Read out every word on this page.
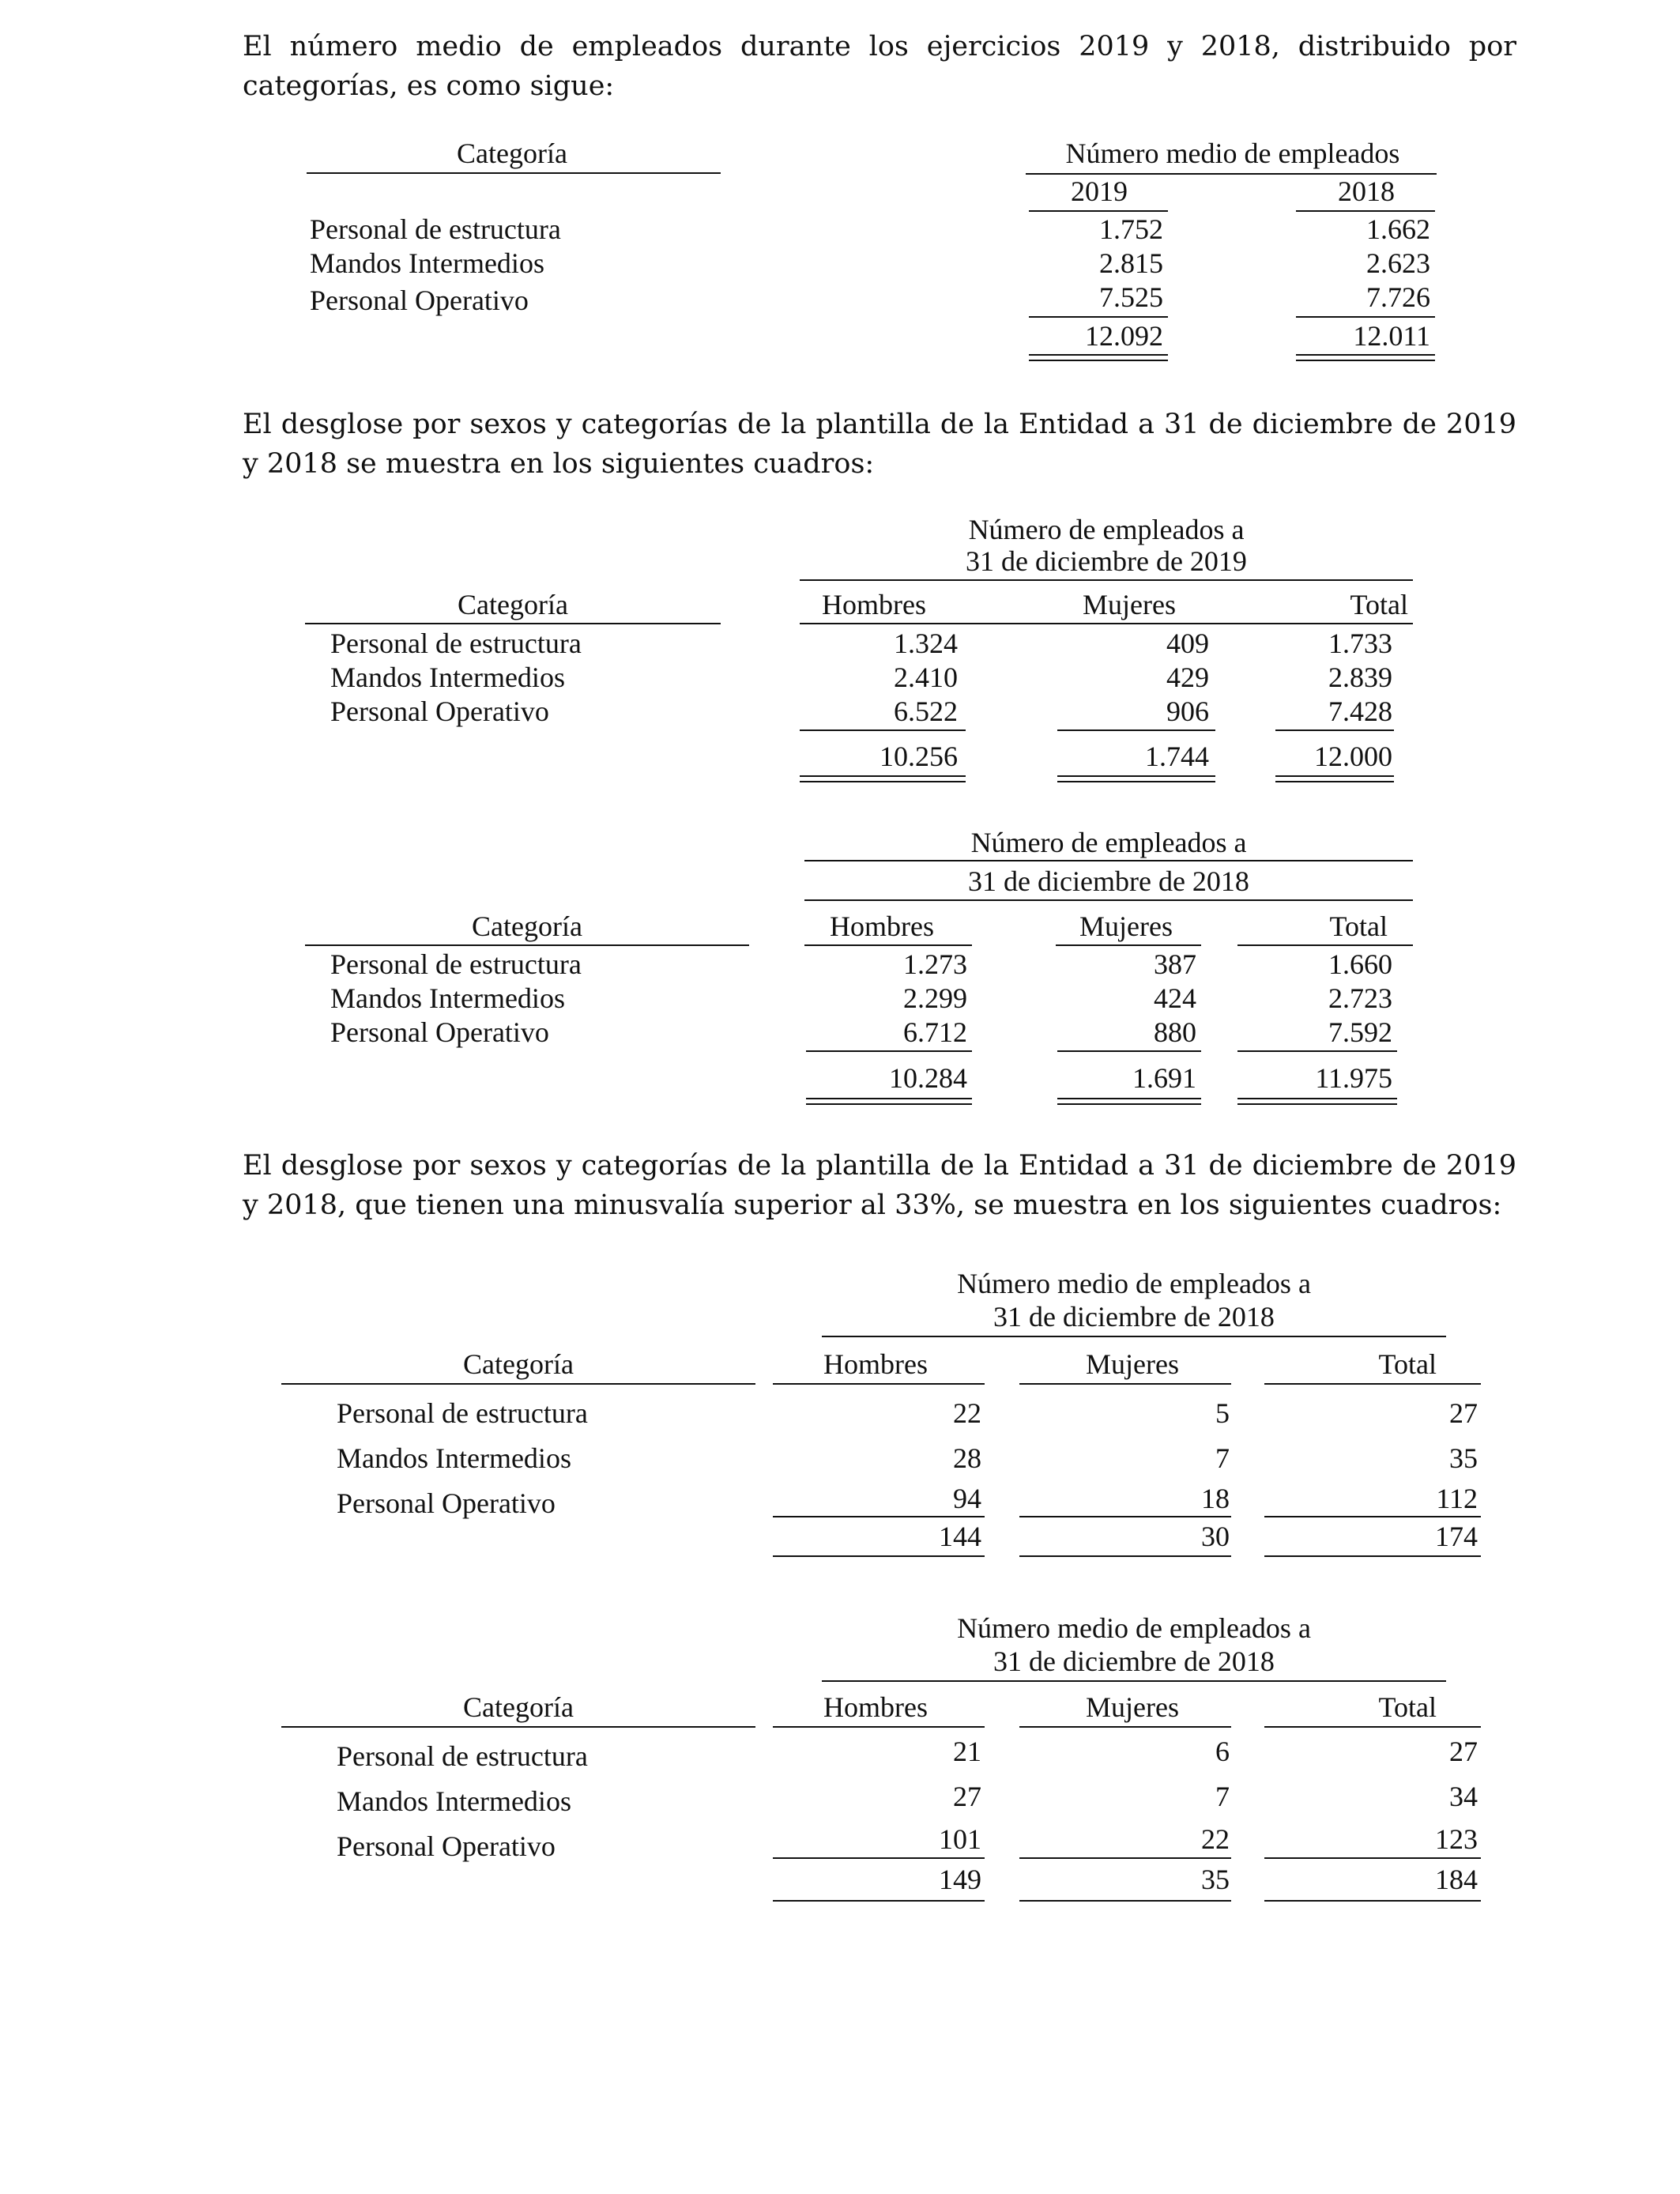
El número medio de empleados durante los ejercicios 2019 y 2018, distribuido por categorías, es como sigue:

Categoría	Número medio de empleados
2019	2018
Personal de estructura	1.752	1.662
Mandos Intermedios	2.815	2.623
Personal Operativo	7.525	7.726
12.092	12.011

El desglose por sexos y categorías de la plantilla de la Entidad a 31 de diciembre de 2019 y 2018 se muestra en los siguientes cuadros:

Número de empleados a
31 de diciembre de 2019
Categoría	Hombres	Mujeres	Total
Personal de estructura	1.324	409	1.733
Mandos Intermedios	2.410	429	2.839
Personal Operativo	6.522	906	7.428
10.256	1.744	12.000
Número de empleados a
31 de diciembre de 2018
Categoría	Hombres	Mujeres	Total
Personal de estructura	1.273	387	1.660
Mandos Intermedios	2.299	424	2.723
Personal Operativo	6.712	880	7.592
10.284	1.691	11.975

El desglose por sexos y categorías de la plantilla de la Entidad a 31 de diciembre de 2019 y 2018, que tienen una minusvalía superior al 33%, se muestra en los siguientes cuadros:

Número medio de empleados a
31 de diciembre de 2018
Categoría	Hombres	Mujeres	Total
Personal de estructura	22	5	27
Mandos Intermedios	28	7	35
Personal Operativo	94	18	112
144	30	174
Número medio de empleados a
31 de diciembre de 2018
Categoría	Hombres	Mujeres	Total
Personal de estructura	21	6	27
Mandos Intermedios	27	7	34
Personal Operativo	101	22	123
149	35	184
